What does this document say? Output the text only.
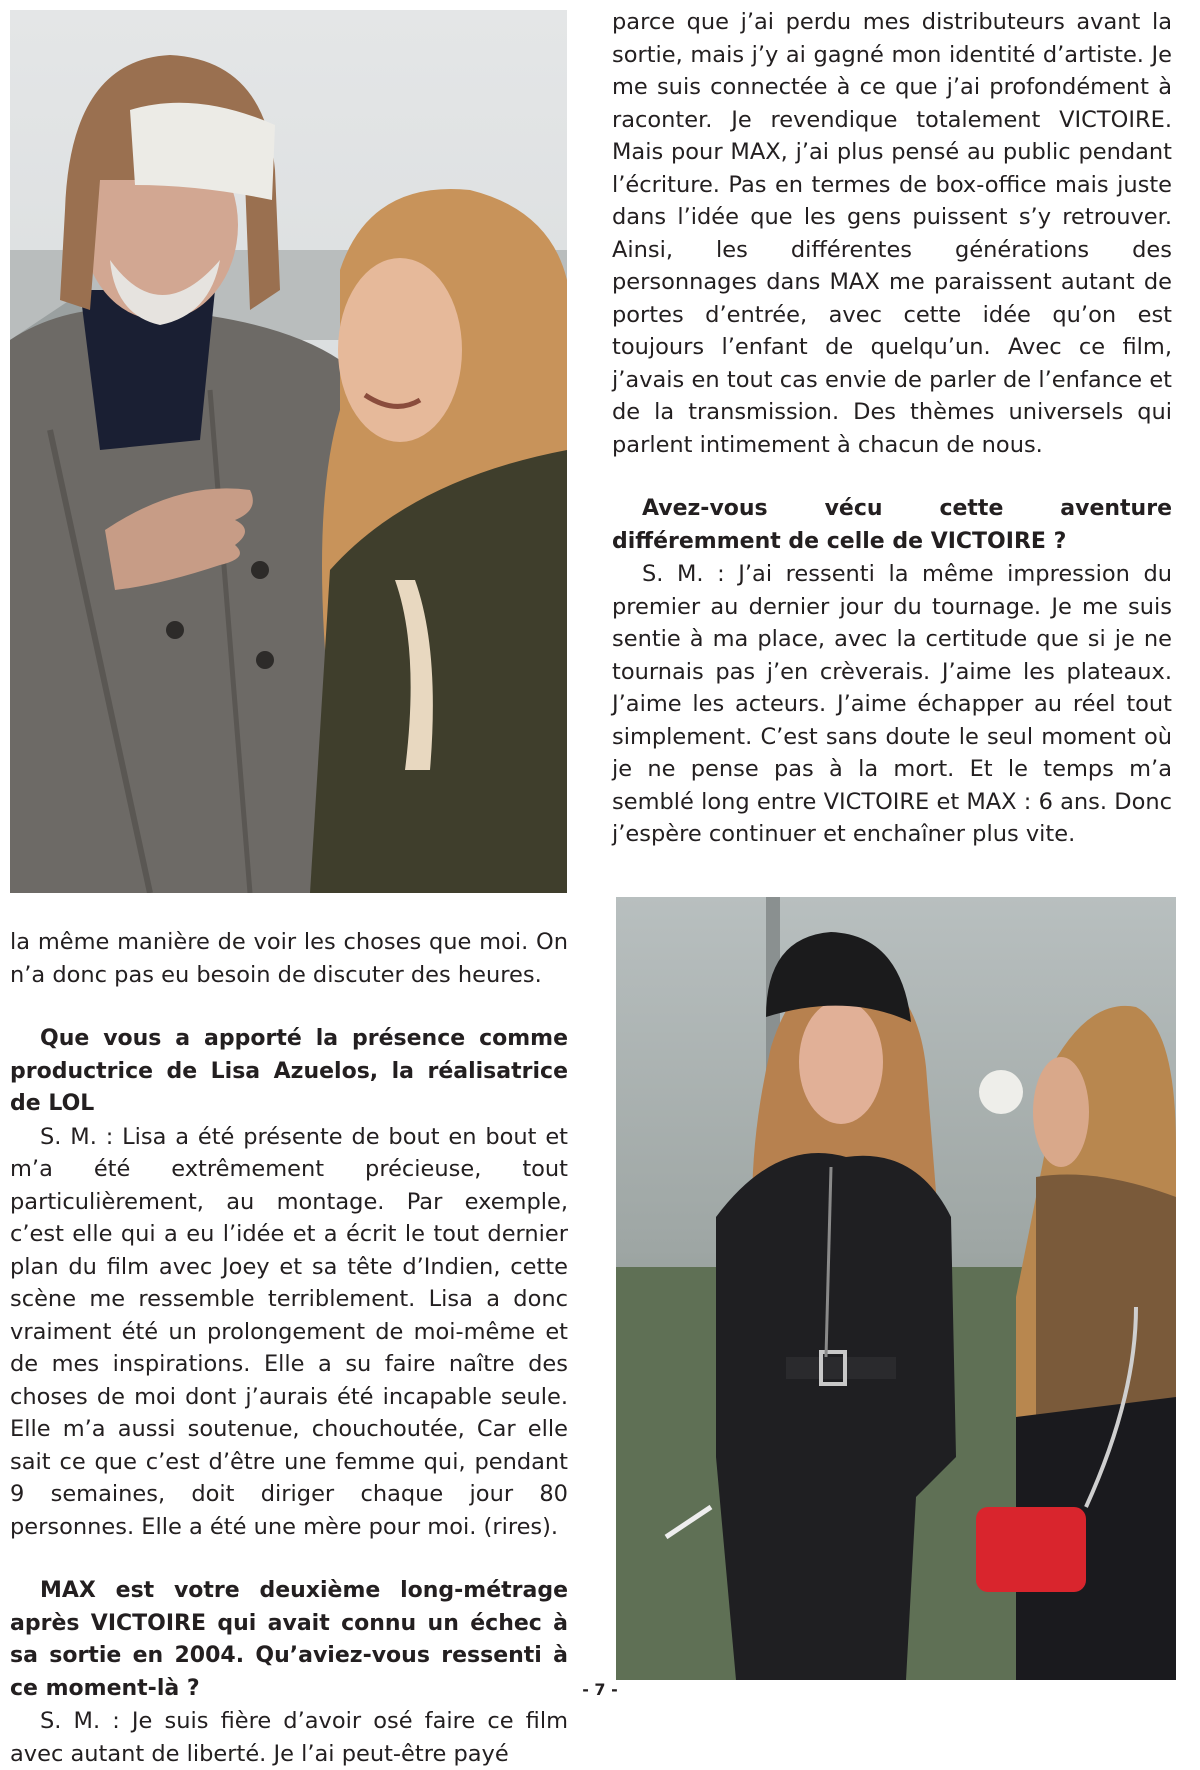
parce que j’ai perdu mes distributeurs avant la sortie, mais j’y ai gagné mon identité d’artiste. Je me suis connectée à ce que j’ai profondément à raconter. Je revendique totalement VICTOIRE. Mais pour MAX, j’ai plus pensé au public pendant l’écriture. Pas en termes de box-office mais juste dans l’idée que les gens puissent s’y retrouver. Ainsi, les différentes générations des personnages dans MAX me paraissent autant de portes d’entrée, avec cette idée qu’on est toujours l’enfant de quelqu’un. Avec ce film, j’avais en tout cas envie de parler de l’enfance et de la transmission. Des thèmes universels qui parlent intimement à chacun de nous.

Avez-vous vécu cette aventure différemment de celle de VICTOIRE ?

S. M. : J’ai ressenti la même impression du premier au dernier jour du tournage. Je me suis sentie à ma place, avec la certitude que si je ne tournais pas j’en crèverais. J’aime les plateaux. J’aime les acteurs. J’aime échapper au réel tout simplement. C’est sans doute le seul moment où je ne pense pas à la mort. Et le temps m’a semblé long entre VICTOIRE et MAX : 6 ans. Donc j’espère continuer et enchaîner plus vite.

la même manière de voir les choses que moi. On n’a donc pas eu besoin de discuter des heures.

Que vous a apporté la présence comme productrice de Lisa Azuelos, la réalisatrice de LOL

S. M. : Lisa a été présente de bout en bout et m’a été extrêmement précieuse, tout particulièrement, au montage. Par exemple, c’est elle qui a eu l’idée et a écrit le tout dernier plan du film avec Joey et sa tête d’Indien, cette scène me ressemble terriblement. Lisa a donc vraiment été un prolongement de moi-même et de mes inspirations. Elle a su faire naître des choses de moi dont j’aurais été incapable seule. Elle m’a aussi soutenue, chouchoutée, Car elle sait ce que c’est d’être une femme qui, pendant 9 semaines, doit diriger chaque jour 80 personnes. Elle a été une mère pour moi. (rires).

MAX est votre deuxième long-métrage après VICTOIRE qui avait connu un échec à sa sortie en 2004. Qu’aviez-vous ressenti à ce moment-là ?

S. M. : Je suis fière d’avoir osé faire ce film avec autant de liberté. Je l’ai peut-être payé

- 7 -
